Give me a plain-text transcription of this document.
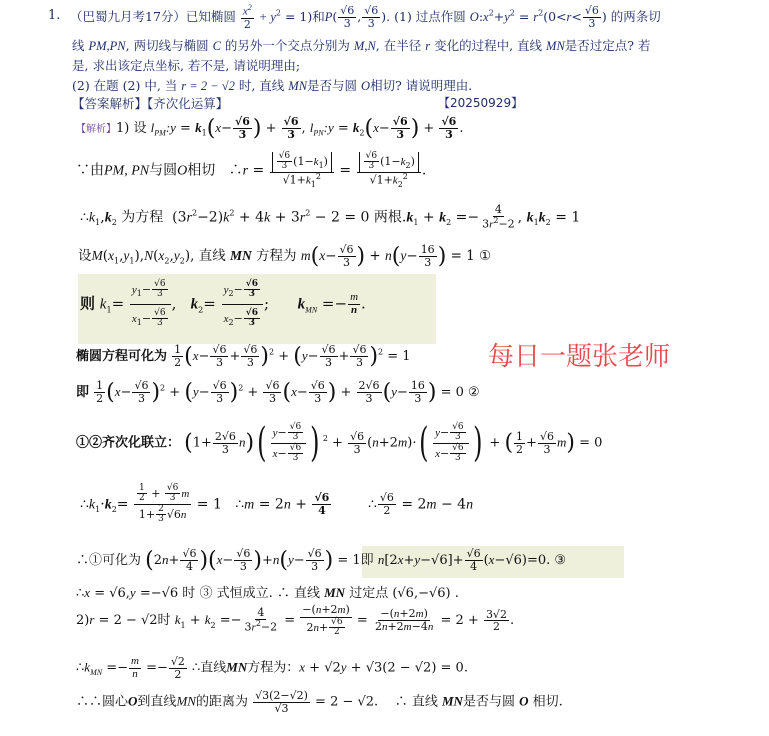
1. （巴蜀九月考17分）已知椭圆 $\frac{x^2}{2} + y^2 = 1$)和$P( \frac{√6}{3}$ , $\frac{√6}{3}$ ). (1) 过点作圆 $O:x^2+y^2 = r^2(0<r< \frac{√6}{3}$ ) 的两条切
线 PM,PN, 两切线与椭圆 C 的另外一个交点分别为 M,N, 在半径 r 变化的过程中, 直线 MN是否过定点? 若
是, 求出该定点坐标, 若不是, 请说明理由;
(2) 在题 (2) 中, 当 r = 2 − √2 时, 直线 MN是否与圆 O相切? 请说明理由.
【答案解析】【齐次化运算】	【20250929】
【解析】1) 设 $l_{PM}:y = k_1(x- \frac{√6}{3}$ ) + $\frac{√6}{3}$ , $l_{PN}:y = k_2(x- \frac{√6}{3}$ ) + $\frac{√6}{3}$ .
∵由PM, PN与圆O相切   ∴r = $\frac{\frac{√6}{3} (1-k_1)}{√1+k_1^2} = \frac{\frac{√6}{3} (1-k_2)}{√1+k_2^2}$ .
$\therefore k_1,k_2$ 为方程  $(3r^2-2)k^2 + 4k + 3r^2 - 2 = 0$ 两根$.k_1 + k_2 =- \frac{4}{3r^2-2}$ , $k_1k_2 = 1$
设$M(x_1,y_1),N(x_2,y_2)$, 直线 MN 方程为 $m(x- \frac{√6}{3}$ ) + $n(y- \frac{16}{3}$ ) = 1 ①
则 $k_1= \frac{y_1- \frac{√6}{3}}{x_1- \frac{√6}{3}}$ ,   $k_2= \frac{y_2- \frac{√6}{3}}{x_2- \frac{√6}{3}}$ ;      $k_{MN} =- \frac{m}{n}$ .
每日一题张老师
椭圆方程可化为 $\frac{1}{2} (x- \frac{√6}{3} + \frac{√6}{3} )^2 + (y- \frac{√6}{3} + \frac{√6}{3} )^2 = 1$
即 $\frac{1}{2} (x- \frac{√6}{3} )^2 + (y- \frac{√6}{3} )^2 + \frac{√6}{3} (x- \frac{√6}{3}$ ) + $\frac{2√6}{3} (y- \frac{16}{3}$ ) = 0 ②
①②齐次化联立： $(1+ \frac{2√6}{3} n)( \frac{y- \frac{√6}{3}}{x- \frac{√6}{3}}$ ) $^2 + \frac{√6}{3} (n+2m)\cdot( \frac{y- \frac{√6}{3}}{x- \frac{√6}{3}}$ ) + ( $\frac{1}{2} + \frac{√6}{3} m) = 0$
$\therefore k_1\cdot k_2= \frac{\frac{1}{2} + \frac{√6}{3} m}{1+ \frac{2}{3} √6n} = 1$   ∴m = $2n + \frac{√6}{4}$ ∴ $\frac{√6}{2} = 2m - 4n$
∴①可化为 $(2n+ \frac{√6}{4} )(x- \frac{√6}{3} )+n(y- \frac{√6}{3}$ ) = 1即 $n[2x+y-√6]+ \frac{√6}{4} (x-√6)=0$. ③
∴x = √6,y =−√6 时 ③ 式恒成立. ∴ 直线 MN 过定点 (√6,−√6) .
2)r = 2 − √2时 $k_1 + k_2 =- \frac{4}{3r^2-2} = \frac{-(n+2m)}{2n+ \frac{√6}{2}} = \frac{-(n+2m)}{2n+2m-4n} = 2 + \frac{3√2}{2}$ .
$\therefore k_{MN} =- \frac{m}{n} =- \frac{√2}{2}$ ∴直线MN方程为：x + √2y + √3(2 − √2) = 0.
∴∴圆心O到直线MN的距离为 $\frac{√3(2-√2)}{√3} = 2 - √2$.    ∴ 直线 MN是否与圆 O 相切.
